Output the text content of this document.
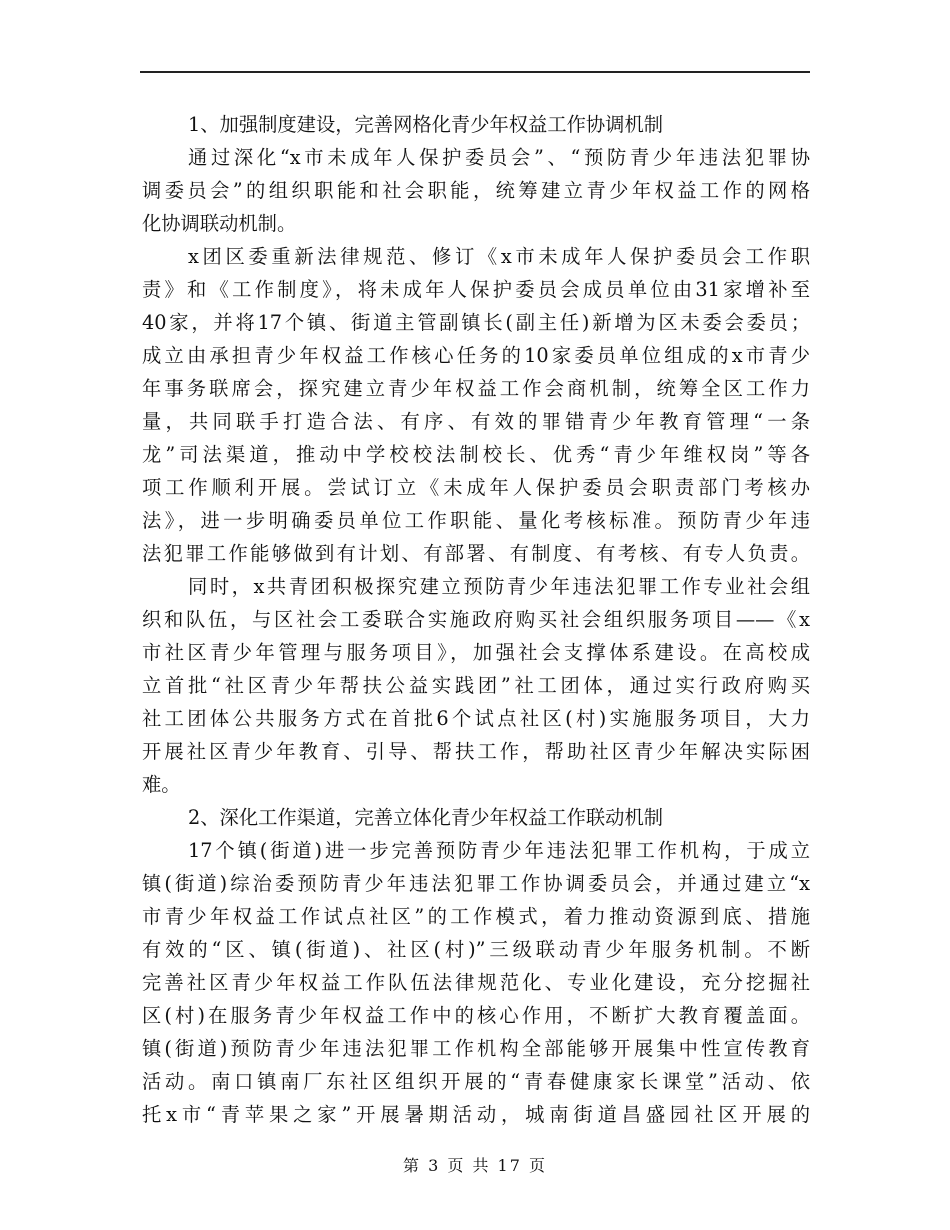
1、加强制度建设，完善网格化青少年权益工作协调机制
通过深化“x市未成年人保护委员会”、“预防青少年违法犯罪协
调委员会”的组织职能和社会职能，统筹建立青少年权益工作的网格
化协调联动机制。
x团区委重新法律规范、修订《x市未成年人保护委员会工作职
责》和《工作制度》，将未成年人保护委员会成员单位由31家增补至
40家，并将17个镇、街道主管副镇长(副主任)新增为区未委会委员；
成立由承担青少年权益工作核心任务的10家委员单位组成的x市青少
年事务联席会，探究建立青少年权益工作会商机制，统筹全区工作力
量，共同联手打造合法、有序、有效的罪错青少年教育管理“一条
龙”司法渠道，推动中学校校法制校长、优秀“青少年维权岗”等各
项工作顺利开展。尝试订立《未成年人保护委员会职责部门考核办
法》，进一步明确委员单位工作职能、量化考核标准。预防青少年违
法犯罪工作能够做到有计划、有部署、有制度、有考核、有专人负责。
同时，x共青团积极探究建立预防青少年违法犯罪工作专业社会组
织和队伍，与区社会工委联合实施政府购买社会组织服务项目——《x
市社区青少年管理与服务项目》，加强社会支撑体系建设。在高校成
立首批“社区青少年帮扶公益实践团”社工团体，通过实行政府购买
社工团体公共服务方式在首批6个试点社区(村)实施服务项目，大力
开展社区青少年教育、引导、帮扶工作，帮助社区青少年解决实际困
难。
2、深化工作渠道，完善立体化青少年权益工作联动机制
17个镇(街道)进一步完善预防青少年违法犯罪工作机构，于成立
镇(街道)综治委预防青少年违法犯罪工作协调委员会，并通过建立“x
市青少年权益工作试点社区”的工作模式，着力推动资源到底、措施
有效的“区、镇(街道)、社区(村)”三级联动青少年服务机制。不断
完善社区青少年权益工作队伍法律规范化、专业化建设，充分挖掘社
区(村)在服务青少年权益工作中的核心作用，不断扩大教育覆盖面。
镇(街道)预防青少年违法犯罪工作机构全部能够开展集中性宣传教育
活动。南口镇南厂东社区组织开展的“青春健康家长课堂”活动、依
托x市“青苹果之家”开展暑期活动，城南街道昌盛园社区开展的
第 3 页 共 17 页
